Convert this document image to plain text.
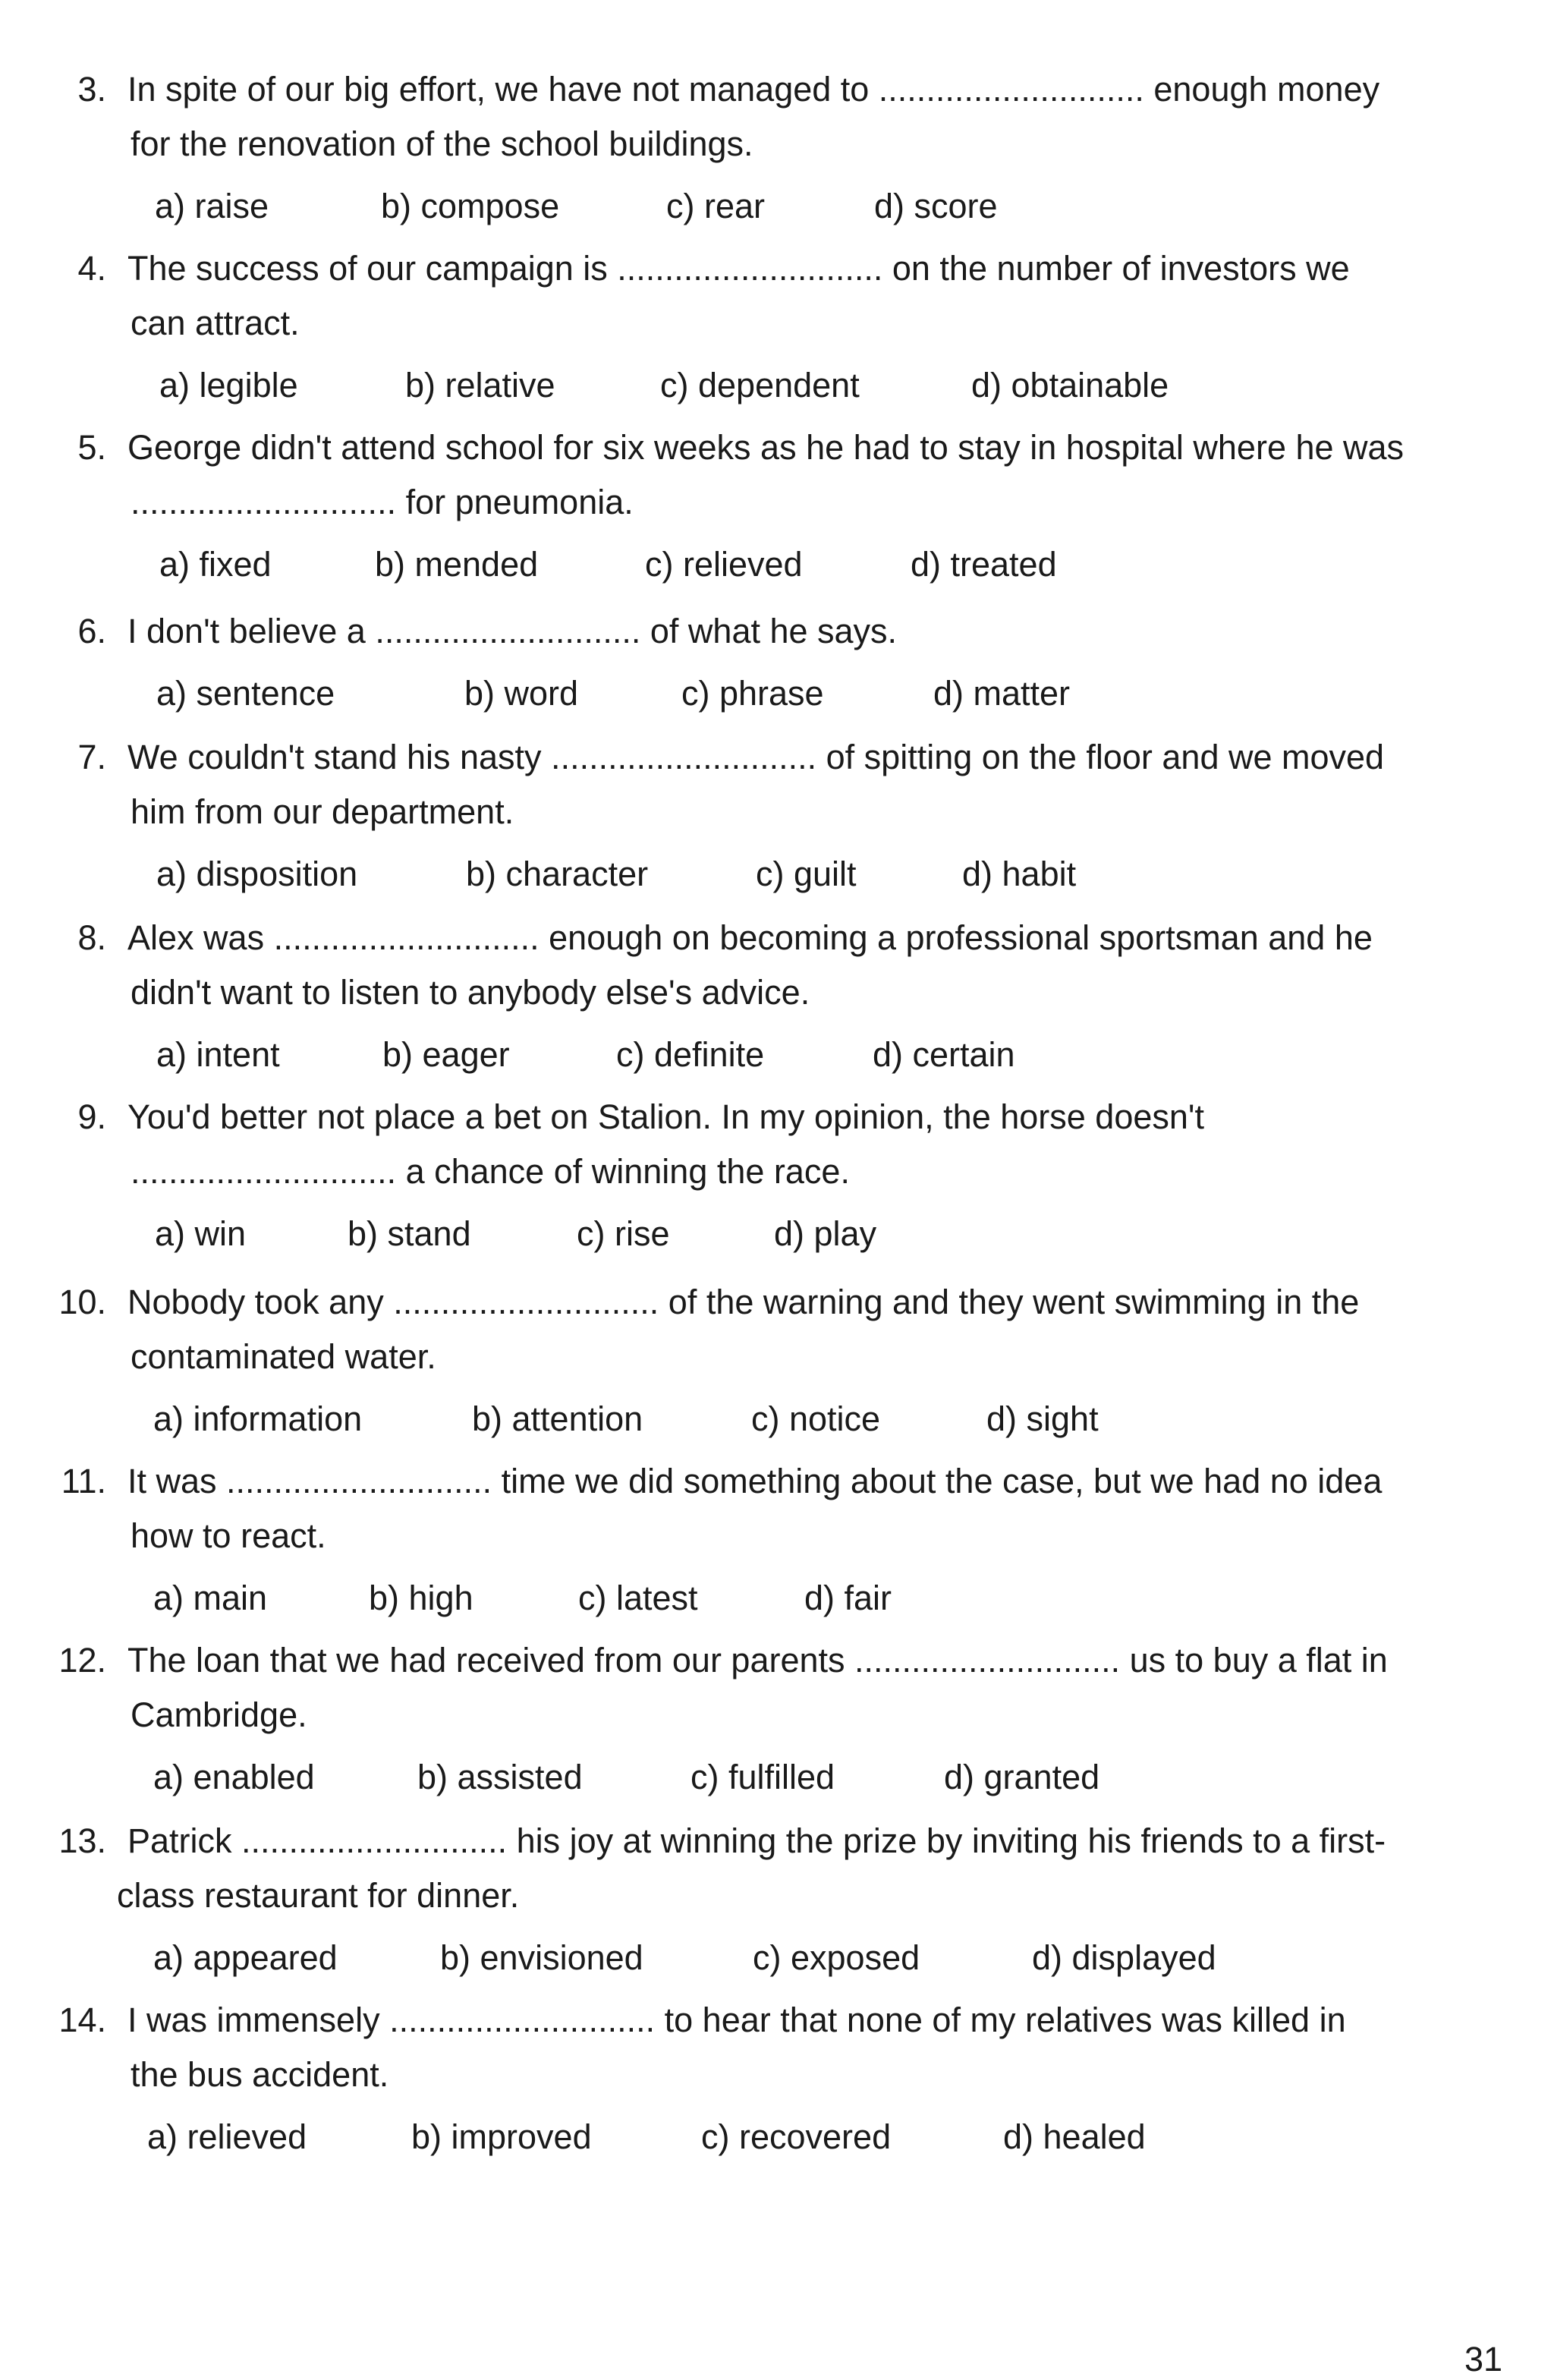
3. In spite of our big effort, we have not managed to ............................ enough money
for the renovation of the school buildings.
a) raise	b) compose	c) rear	d) score
4. The success of our campaign is ............................ on the number of investors we
can attract.
a) legible	b) relative	c) dependent	d) obtainable
5. George didn't attend school for six weeks as he had to stay in hospital where he was
............................ for pneumonia.
a) fixed	b) mended	c) relieved	d) treated
6. I don't believe a ............................ of what he says.
a) sentence	b) word	c) phrase	d) matter
7. We couldn't stand his nasty ............................ of spitting on the floor and we moved
him from our department.
a) disposition	b) character	c) guilt	d) habit
8. Alex was ............................ enough on becoming a professional sportsman and he
didn't want to listen to anybody else's advice.
a) intent	b) eager	c) definite	d) certain
9. You'd better not place a bet on Stalion. In my opinion, the horse doesn't
............................ a chance of winning the race.
a) win	b) stand	c) rise	d) play
10. Nobody took any ............................ of the warning and they went swimming in the
contaminated water.
a) information	b) attention	c) notice	d) sight
11. It was ............................ time we did something about the case, but we had no idea
how to react.
a) main	b) high	c) latest	d) fair
12. The loan that we had received from our parents ............................ us to buy a flat in
Cambridge.
a) enabled	b) assisted	c) fulfilled	d) granted
13. Patrick ............................ his joy at winning the prize by inviting his friends to a first-
class restaurant for dinner.
a) appeared	b) envisioned	c) exposed	d) displayed
14. I was immensely ............................ to hear that none of my relatives was killed in
the bus accident.
a) relieved	b) improved	c) recovered	d) healed
31
